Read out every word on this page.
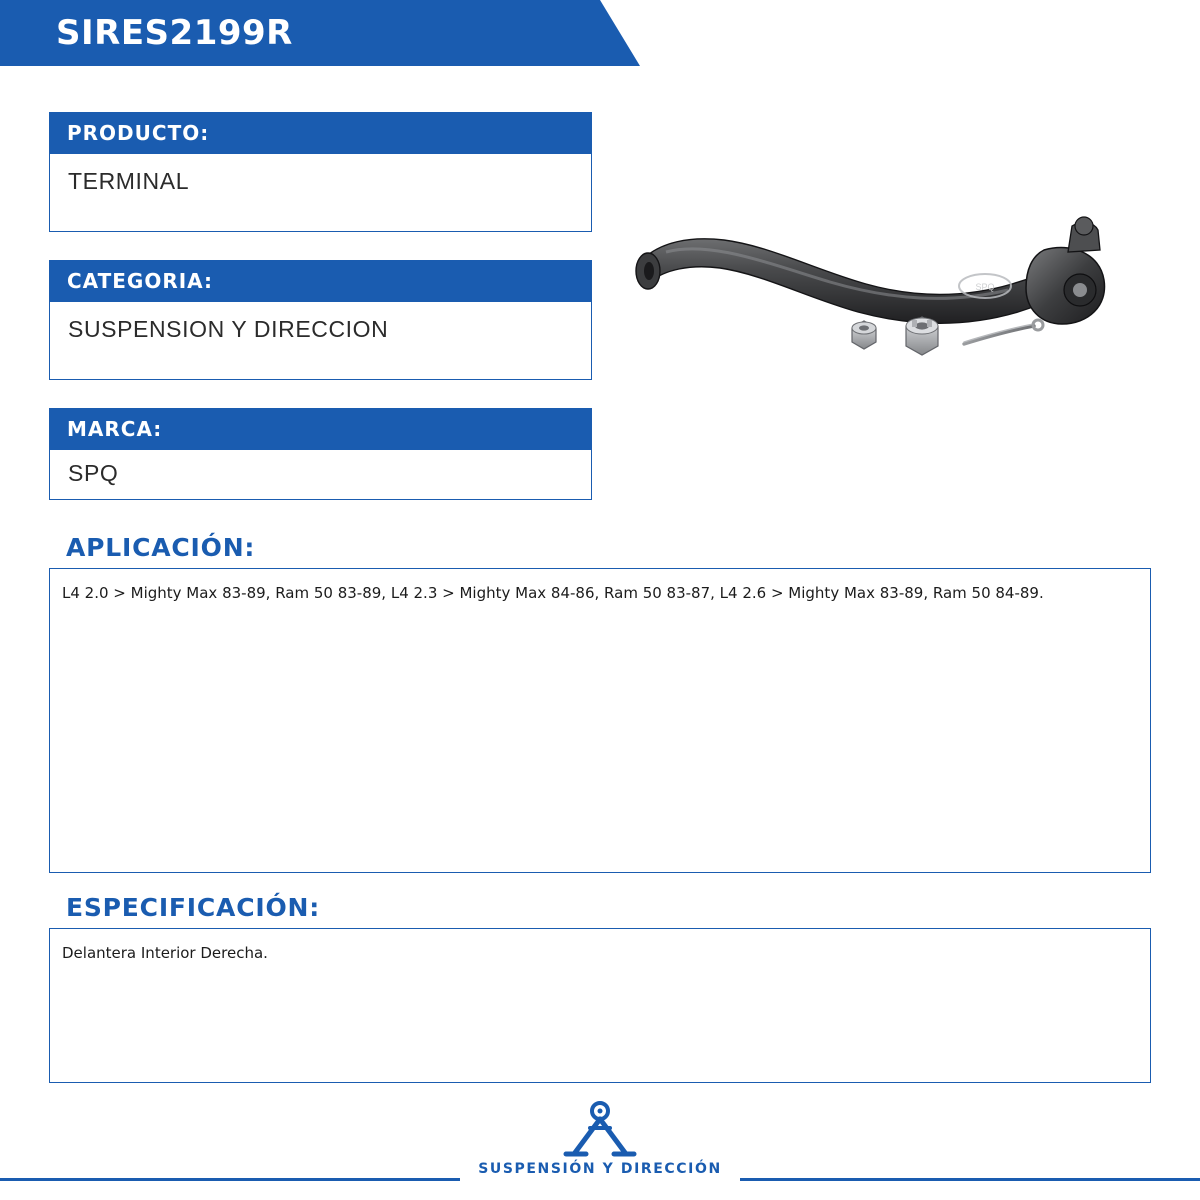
SIRES2199R
PRODUCTO:
TERMINAL
CATEGORIA:
SUSPENSION Y DIRECCION
MARCA:
SPQ
SPQ
APLICACIÓN:
L4 2.0 > Mighty Max 83-89, Ram 50 83-89, L4 2.3 > Mighty Max 84-86, Ram 50 83-87, L4 2.6 > Mighty Max 83-89, Ram 50 84-89.
ESPECIFICACIÓN:
Delantera Interior Derecha.
SUSPENSIÓN Y DIRECCIÓN
